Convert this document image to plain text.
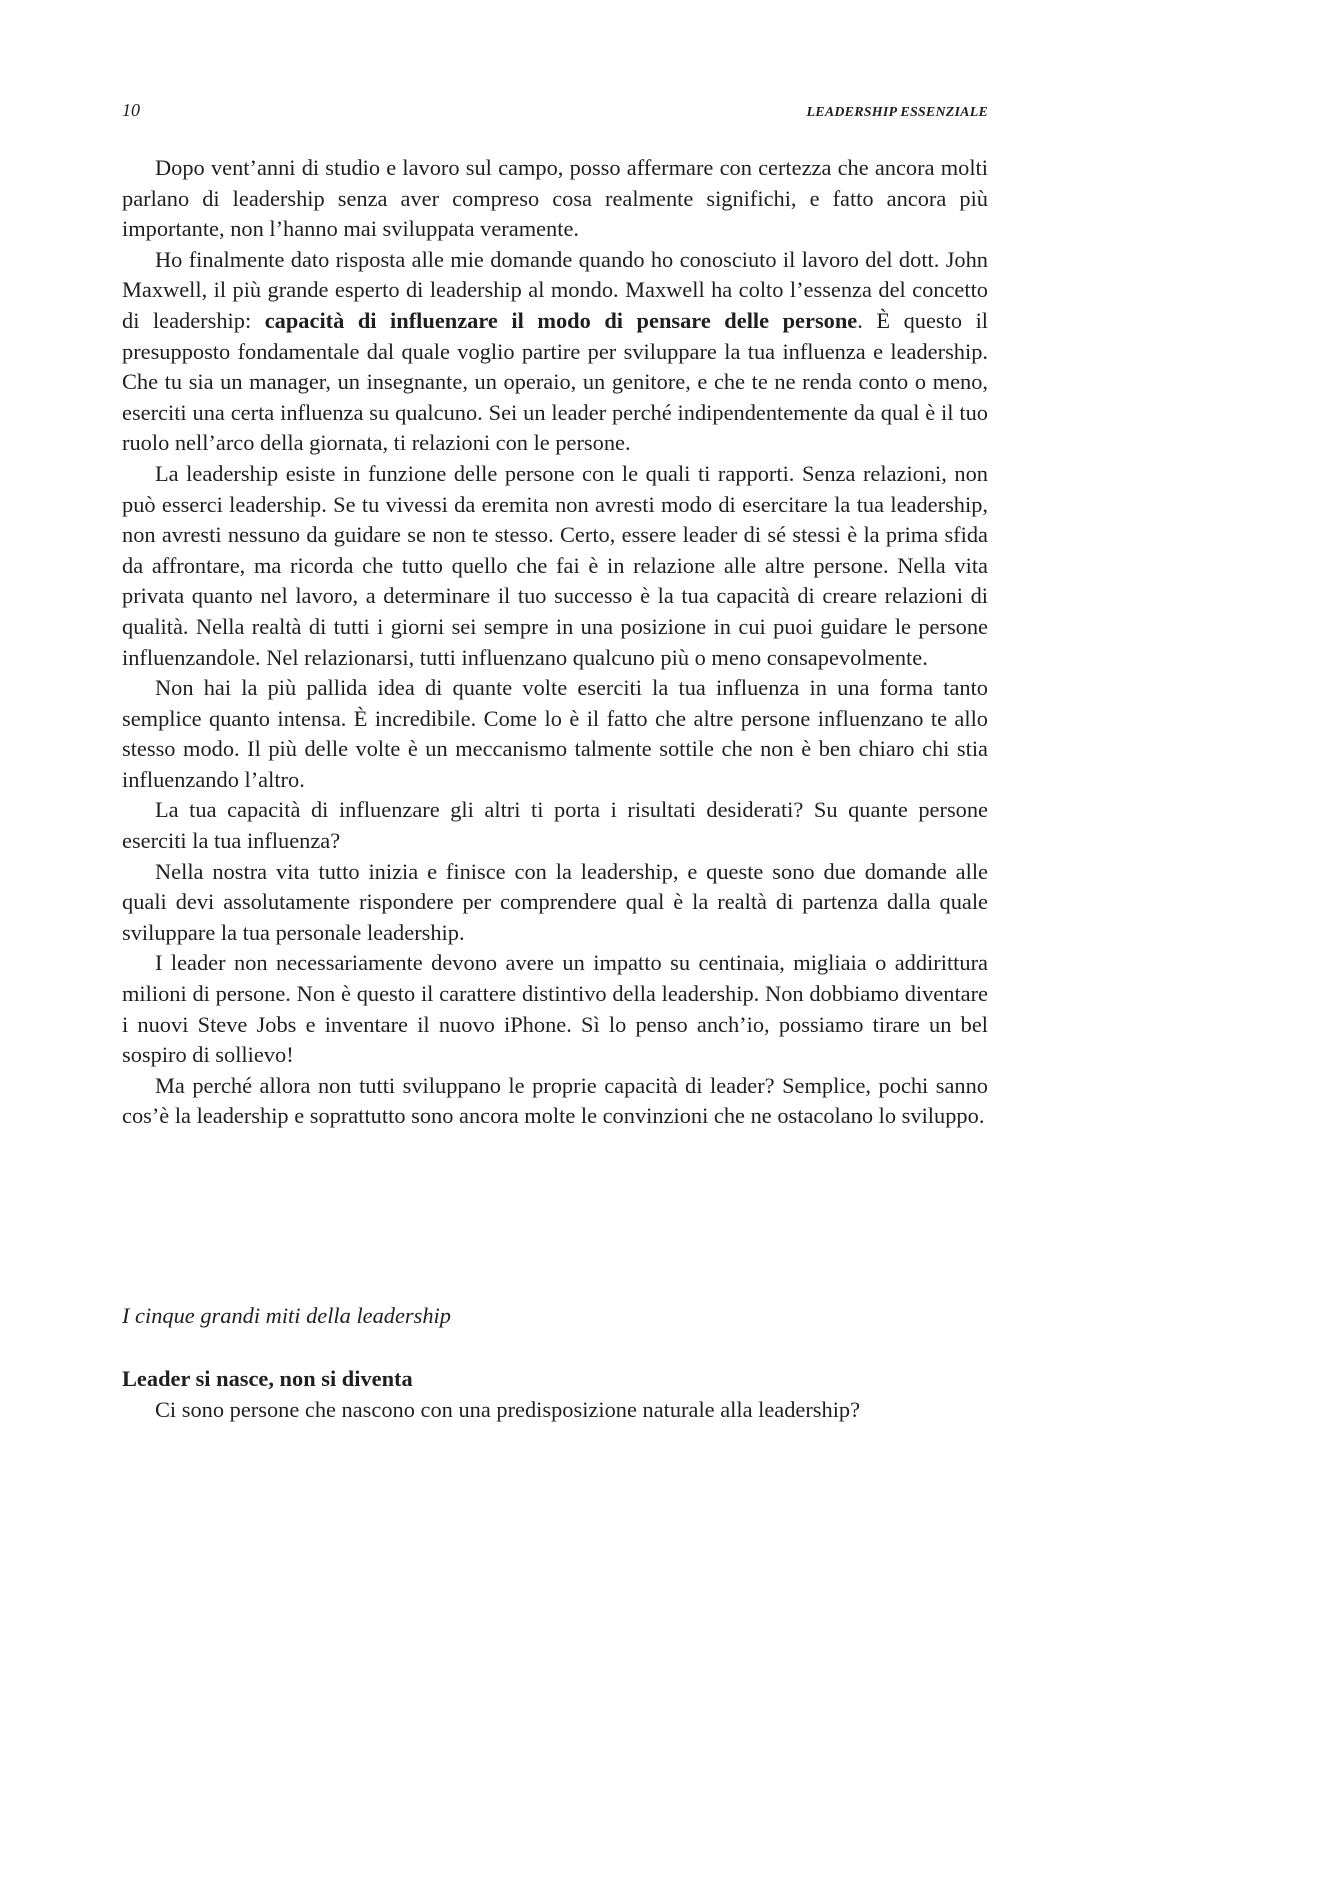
10	LEADERSHIP ESSENZIALE

Dopo vent’anni di studio e lavoro sul campo, posso affermare con certezza che ancora molti parlano di leadership senza aver compreso cosa realmente significhi, e fatto ancora più importante, non l’hanno mai sviluppata veramente.

Ho finalmente dato risposta alle mie domande quando ho conosciuto il lavoro del dott. John Maxwell, il più grande esperto di leadership al mondo. Maxwell ha colto l’essenza del concetto di leadership: capacità di influenzare il modo di pensare delle persone. È questo il presupposto fondamentale dal quale voglio partire per sviluppare la tua influenza e leadership. Che tu sia un manager, un insegnante, un operaio, un genitore, e che te ne renda conto o meno, eserciti una certa influenza su qualcuno. Sei un leader perché indipendentemente da qual è il tuo ruolo nell’arco della giornata, ti relazioni con le persone.

La leadership esiste in funzione delle persone con le quali ti rapporti. Senza relazioni, non può esserci leadership. Se tu vivessi da eremita non avresti modo di esercitare la tua leadership, non avresti nessuno da guidare se non te stesso. Certo, essere leader di sé stessi è la prima sfida da affrontare, ma ricorda che tutto quello che fai è in relazione alle altre persone. Nella vita privata quanto nel lavoro, a determinare il tuo successo è la tua capacità di creare relazioni di qualità. Nella realtà di tutti i giorni sei sempre in una posizione in cui puoi guidare le persone influenzandole. Nel relazionarsi, tutti influenzano qualcuno più o meno consapevolmente.

Non hai la più pallida idea di quante volte eserciti la tua influenza in una forma tanto semplice quanto intensa. È incredibile. Come lo è il fatto che altre persone influenzano te allo stesso modo. Il più delle volte è un meccanismo talmente sottile che non è ben chiaro chi stia influenzando l’altro.

La tua capacità di influenzare gli altri ti porta i risultati desiderati? Su quante persone eserciti la tua influenza?

Nella nostra vita tutto inizia e finisce con la leadership, e queste sono due domande alle quali devi assolutamente rispondere per comprendere qual è la realtà di partenza dalla quale sviluppare la tua personale leadership.

I leader non necessariamente devono avere un impatto su centinaia, migliaia o addirittura milioni di persone. Non è questo il carattere distintivo della leadership. Non dobbiamo diventare i nuovi Steve Jobs e inventare il nuovo iPhone. Sì lo penso anch’io, possiamo tirare un bel sospiro di sollievo!

Ma perché allora non tutti sviluppano le proprie capacità di leader? Semplice, pochi sanno cos’è la leadership e soprattutto sono ancora molte le convinzioni che ne ostacolano lo sviluppo.

I cinque grandi miti della leadership
Leader si nasce, non si diventa

Ci sono persone che nascono con una predisposizione naturale alla leadership?
